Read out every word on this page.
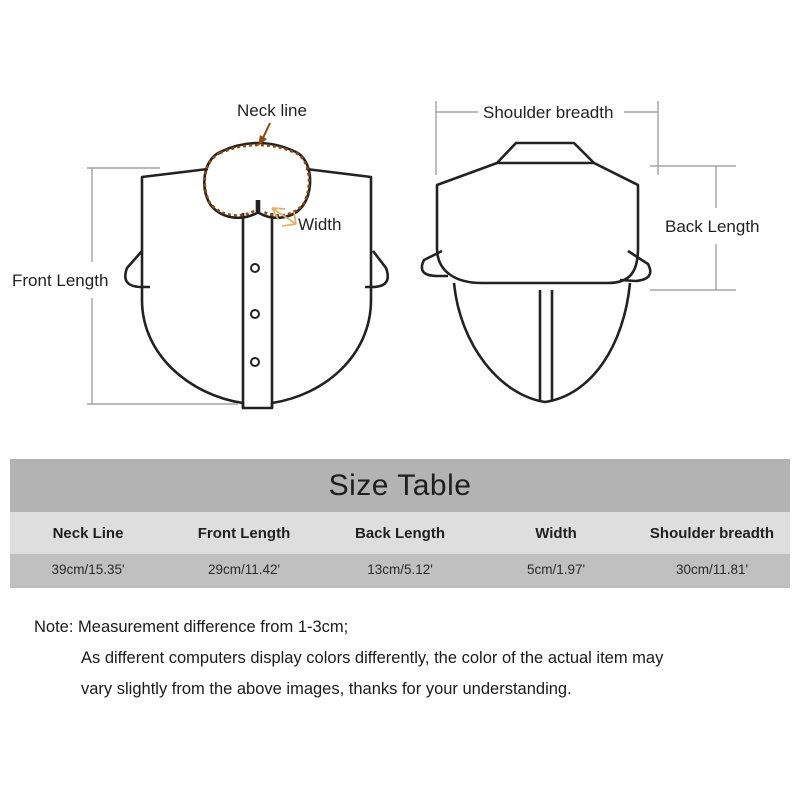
Neck line
Width
Front Length
Shoulder breadth
Back Length
Size Table				
Neck Line	Front Length	Back Length	Width	Shoulder breadth
39cm/15.35'	29cm/11.42'	13cm/5.12'	5cm/1.97'	30cm/11.81'
Note: Measurement difference from 1-3cm;
As different computers display colors differently, the color of the actual item may
vary slightly from the above images, thanks for your understanding.
